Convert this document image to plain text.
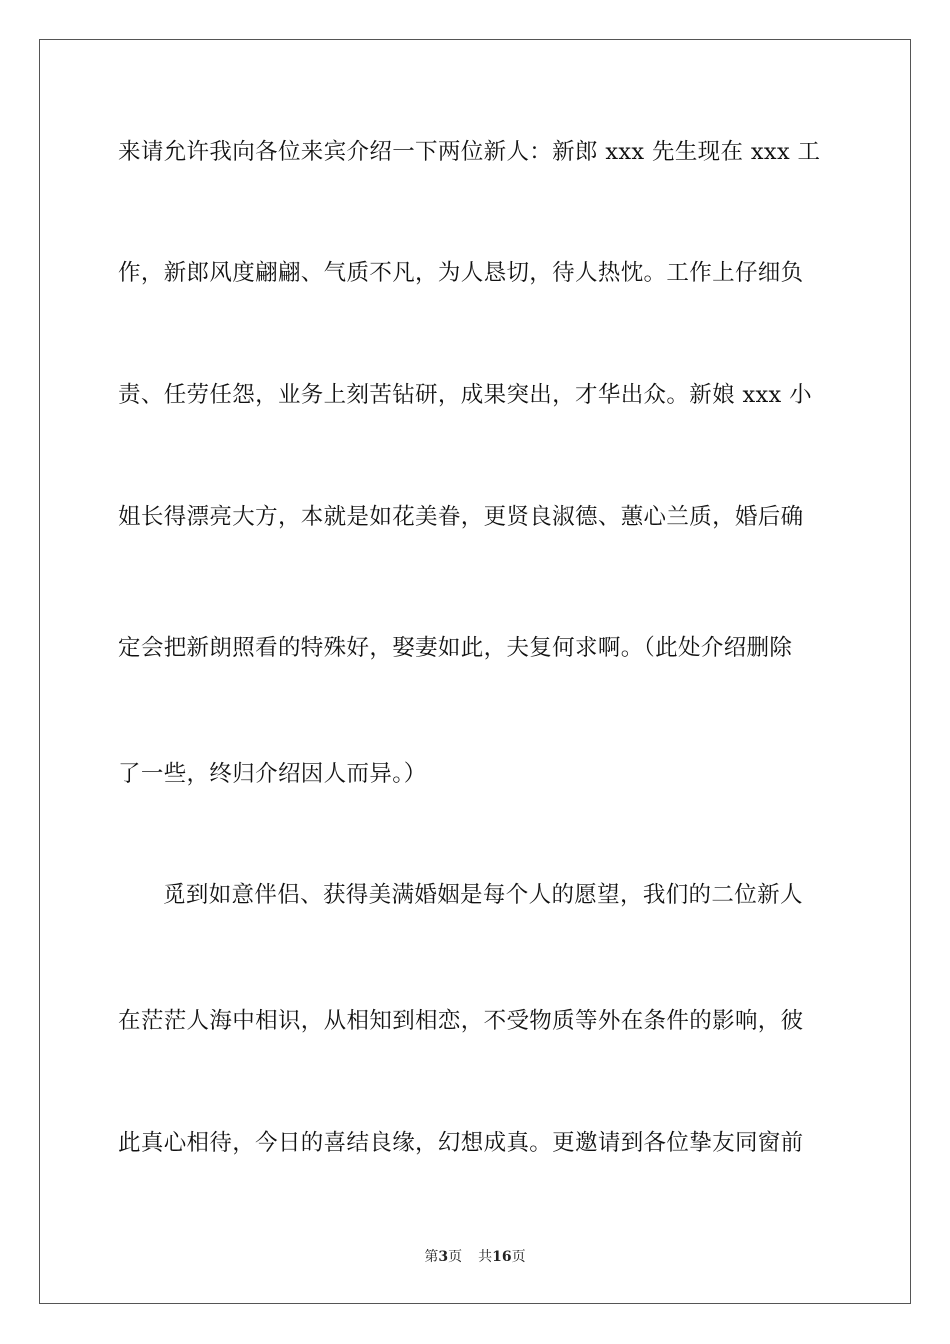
来请允许我向各位来宾介绍一下两位新人：新郎 xxx 先生现在 xxx 工
作，新郎风度翩翩、气质不凡，为人恳切，待人热忱。工作上仔细负
责、任劳任怨，业务上刻苦钻研，成果突出，才华出众。新娘 xxx 小
姐长得漂亮大方，本就是如花美眷，更贤良淑德、蕙心兰质，婚后确
定会把新朗照看的特殊好，娶妻如此，夫复何求啊。（此处介绍删除
了一些，终归介绍因人而异。）
觅到如意伴侣、获得美满婚姻是每个人的愿望，我们的二位新人
在茫茫人海中相识，从相知到相恋，不受物质等外在条件的影响，彼
此真心相待，今日的喜结良缘，幻想成真。更邀请到各位挚友同窗前
第3页 共16页
